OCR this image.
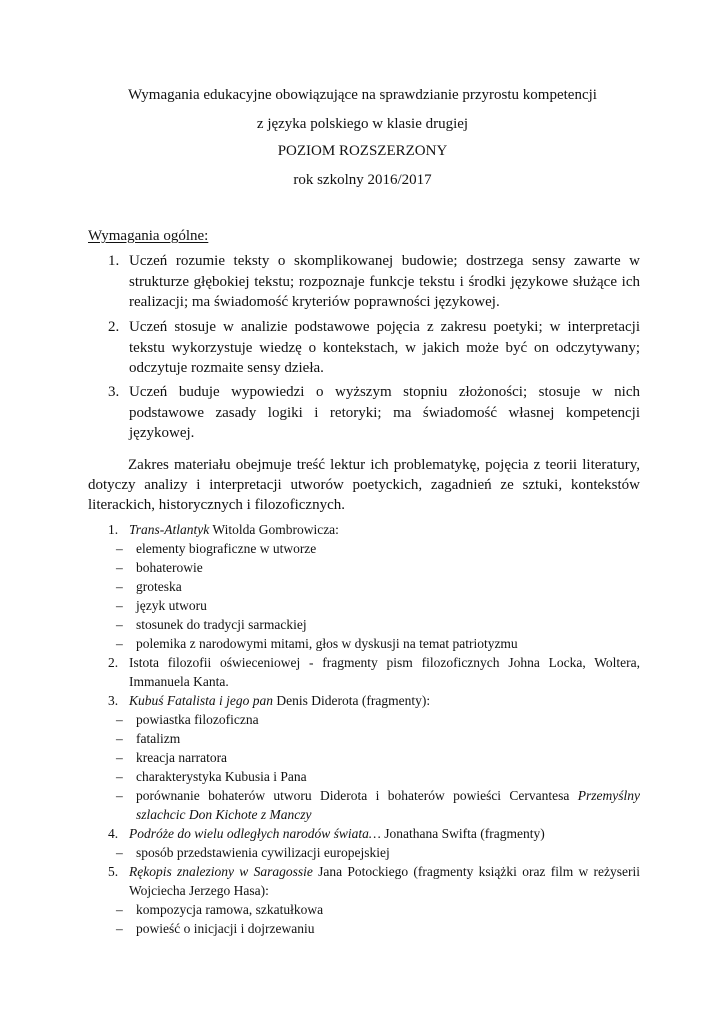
Wymagania edukacyjne obowiązujące na sprawdzianie przyrostu kompetencji
z języka polskiego w klasie drugiej
POZIOM ROZSZERZONY
rok szkolny 2016/2017
Wymagania ogólne:
1. Uczeń rozumie teksty o skomplikowanej budowie; dostrzega sensy zawarte w strukturze głębokiej tekstu; rozpoznaje funkcje tekstu i środki językowe służące ich realizacji; ma świadomość kryteriów poprawności językowej.
2. Uczeń stosuje w analizie podstawowe pojęcia z zakresu poetyki; w interpretacji tekstu wykorzystuje wiedzę o kontekstach, w jakich może być on odczytywany; odczytuje rozmaite sensy dzieła.
3. Uczeń buduje wypowiedzi o wyższym stopniu złożoności; stosuje w nich podstawowe zasady logiki i retoryki; ma świadomość własnej kompetencji językowej.
Zakres materiału obejmuje treść lektur ich problematykę, pojęcia z teorii literatury, dotyczy analizy i interpretacji utworów poetyckich, zagadnień ze sztuki, kontekstów literackich, historycznych i filozoficznych.
1. Trans-Atlantyk Witolda Gombrowicza:
– elementy biograficzne w utworze
– bohaterowie
– groteska
– język utworu
– stosunek do tradycji sarmackiej
– polemika z narodowymi mitami, głos w dyskusji na temat patriotyzmu
2. Istota filozofii oświeceniowej - fragmenty pism filozoficznych Johna Locka, Woltera, Immanuela Kanta.
3. Kubuś Fatalista i jego pan Denis Diderota (fragmenty):
– powiastka filozoficzna
– fatalizm
– kreacja narratora
– charakterystyka Kubusia i Pana
– porównanie bohaterów utworu Diderota i bohaterów powieści Cervantesa Przemyślny szlachcic Don Kichote z Manczy
4. Podróże do wielu odległych narodów świata… Jonathana Swifta (fragmenty)
– sposób przedstawienia cywilizacji europejskiej
5. Rękopis znaleziony w Saragossie Jana Potockiego (fragmenty książki oraz film w reżyserii Wojciecha Jerzego Hasa):
– kompozycja ramowa, szkatułkowa
– powieść o inicjacji i dojrzewaniu
